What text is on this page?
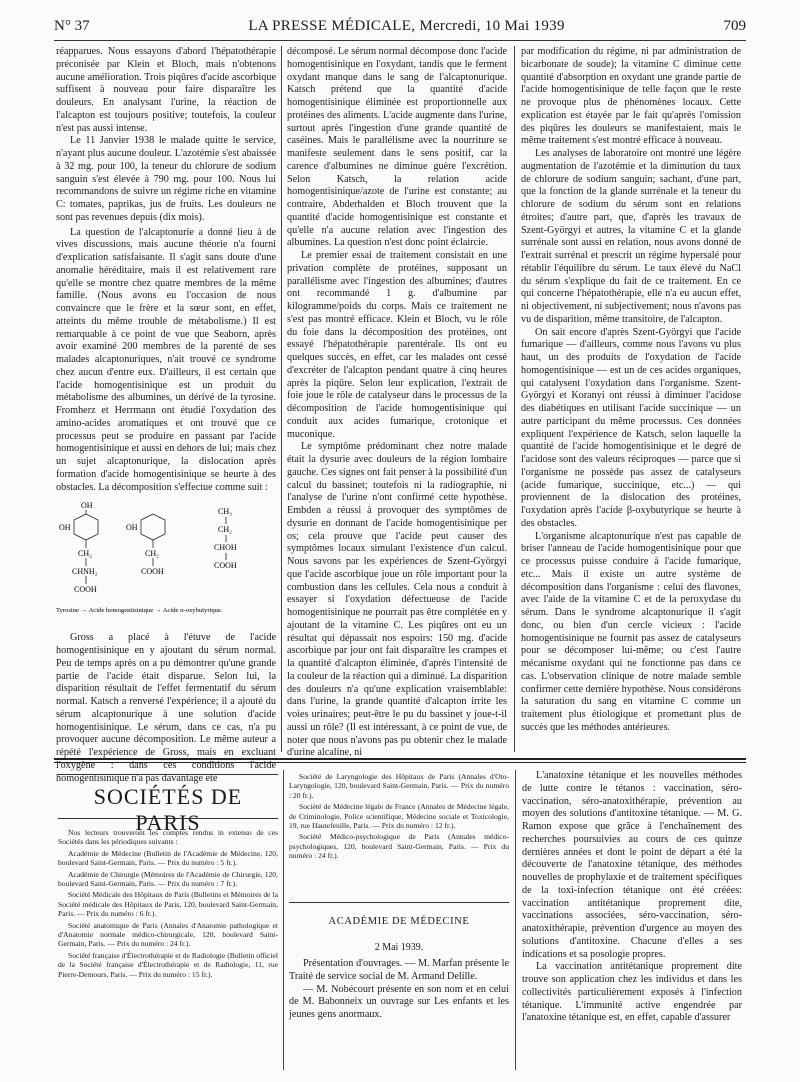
N° 37	LA PRESSE MÉDICALE, Mercredi, 10 Mai 1939	709

réapparues. Nous essayons d'abord l'hépatothérapie préconisée par Klein et Bloch, mais n'obtenons aucune amélioration. Trois piqûres d'acide ascorbique suffisent à nouveau pour faire disparaître les douleurs. En analysant l'urine, la réaction de l'alcapton est toujours positive; toutefois, la couleur n'est pas aussi intense.

Le 11 Janvier 1938 le malade quitte le service, n'ayant plus aucune douleur. L'azotémie s'est abaissée à 32 mg. pour 100, la teneur du chlorure de sodium sanguin s'est élevée à 790 mg. pour 100. Nous lui recommandons de suivre un régime riche en vitamine C: tomates, paprikas, jus de fruits. Les douleurs ne sont pas revenues depuis (dix mois).

La question de l'alcaptonurie a donné lieu à de vives discussions, mais aucune théorie n'a fourni d'explication satisfaisante. Il s'agit sans doute d'une anomalie héréditaire, mais il est relativement rare qu'elle se montre chez quatre membres de la même famille. (Nous avons eu l'occasion de nous convaincre que le frère et la sœur sont, en effet, atteints du même trouble de métabolisme.) Il est remarquable à ce point de vue que Seaborn, après avoir examiné 200 membres de la parenté de ses malades alcaptonuriques, n'ait trouvé ce syndrome chez aucun d'entre eux. D'ailleurs, il est certain que l'acide homogentisinique est un produit du métabolisme des albumines, un dérivé de la tyrosine. Fromherz et Herrmann ont étudié l'oxydation des amino-acides aromatiques et ont trouvé que ce processus peut se produire en passant par l'acide homogentisinique et aussi en dehors de lui; mais chez un sujet alcaptonurique, la dislocation après formation d'acide homogentisinique se heurte à des obstacles. La décomposition s'effectue comme suit :

OH
OH
CH₂
CHNH₂
COOH
OH
CH₂
COOH
CH₃
CH₂
CHOH
COOH
Tyrosine → Acide homogentisinique → Acide α-oxybutyrique.

Gross a placé à l'étuve de l'acide homogentisinique en y ajoutant du sérum normal. Peu de temps après on a pu démontrer qu'une grande partie de l'acide était disparue. Selon lui, la disparition résultait de l'effet fermentatif du sérum normal. Katsch a renversé l'expérience; il a ajouté du sérum alcaptonurique à une solution d'acide homogentisinique. Le sérum, dans ce cas, n'a pu provoquer aucune décomposition. Le même auteur a répété l'expérience de Gross, mais en excluant l'oxygène : dans ces conditions l'acide homogentisinique n'a pas davantage été

décomposé. Le sérum normal décompose donc l'acide homogentisinique en l'oxydant, tandis que le ferment oxydant manque dans le sang de l'alcaptonurique. Katsch prétend que la quantité d'acide homogentisinique éliminée est proportionnelle aux protéines des aliments. L'acide augmente dans l'urine, surtout après l'ingestion d'une grande quantité de caséines. Mais le parallélisme avec la nourriture se manifeste seulement dans le sens positif, car la carence d'albumines ne diminue guère l'excrétion. Selon Katsch, la relation acide homogentisinique/azote de l'urine est constante; au contraire, Abderhalden et Bloch trouvent que la quantité d'acide homogentisinique est constante et qu'elle n'a aucune relation avec l'ingestion des albumines. La question n'est donc point éclaircie.

Le premier essai de traitement consistait en une privation complète de protéines, supposant un parallélisme avec l'ingestion des albumines; d'autres ont recommandé 1 g. d'albumine par kilogramme/poids du corps. Mais ce traitement ne s'est pas montré efficace. Klein et Bloch, vu le rôle du foie dans la décomposition des protéines, ont essayé l'hépatothérapie parentérale. Ils ont eu quelques succès, en effet, car les malades ont cessé d'excréter de l'alcapton pendant quatre à cinq heures après la piqûre. Selon leur explication, l'extrait de foie joue le rôle de catalyseur dans le processus de la décomposition de l'acide homogentisinique qui conduit aux acides fumarique, crotonique et muconique.

Le symptôme prédominant chez notre malade était la dysurie avec douleurs de la région lombaire gauche. Ces signes ont fait penser à la possibilité d'un calcul du bassinet; toutefois ni la radiographie, ni l'analyse de l'urine n'ont confirmé cette hypothèse. Embden a réussi à provoquer des symptômes de dysurie en donnant de l'acide homogentisinique per os; cela prouve que l'acide peut causer des symptômes locaux simulant l'existence d'un calcul. Nous savons par les expériences de Szent-Györgyi que l'acide ascorbique joue un rôle important pour la combustion dans les cellules. Cela nous a conduit à essayer si l'oxydation défectueuse de l'acide homogentisinique ne pourrait pas être complétée en y ajoutant de la vitamine C. Les piqûres ont eu un résultat qui dépassait nos espoirs: 150 mg. d'acide ascorbique par jour ont fait disparaître les crampes et la quantité d'alcapton éliminée, d'après l'intensité de la couleur de la réaction qui a diminué. La disparition des douleurs n'a qu'une explication vraisemblable: dans l'urine, la grande quantité d'alcapton irrite les voies urinaires; peut-être le pu du bassinet y joue-t-il aussi un rôle? (Il est intéressant, à ce point de vue, de noter que nous n'avons pas pu obtenir chez le malade d'urine alcaline, ni

par modification du régime, ni par administration de bicarbonate de soude); la vitamine C diminue cette quantité d'absorption en oxydant une grande partie de l'acide homogentisinique de telle façon que le reste ne provoque plus de phénomènes locaux. Cette explication est étayée par le fait qu'après l'omission des piqûres les douleurs se manifestaient, mais le même traitement s'est montré efficace à nouveau.

Les analyses de laboratoire ont montré une légère augmentation de l'azotémie et la diminution du taux de chlorure de sodium sanguin; sachant, d'une part, que la fonction de la glande surrénale et la teneur du chlorure de sodium du sérum sont en relations étroites; d'autre part, que, d'après les travaux de Szent-Györgyi et autres, la vitamine C et la glande surrénale sont aussi en relation, nous avons donné de l'extrait surrénal et prescrit un régime hypersalé pour rétablir l'équilibre du sérum. Le taux élevé du NaCl du sérum s'explique du fait de ce traitement. En ce qui concerne l'hépatothérapie, elle n'a eu aucun effet, ni objectivement, ni subjectivement; nous n'avons pas vu de disparition, même transitoire, de l'alcapton.

On sait encore d'après Szent-Györgyi que l'acide fumarique — d'ailleurs, comme nous l'avons vu plus haut, un des produits de l'oxydation de l'acide homogentisinique — est un de ces acides organiques, qui catalysent l'oxydation dans l'organisme. Szent-Györgyi et Koranyi ont réussi à diminuer l'acidose des diabétiques en utilisant l'acide succinique — un autre participant du même processus. Ces données expliquent l'expérience de Katsch, selon laquelle la quantité de l'acide homogentisinique et le degré de l'acidose sont des valeurs réciproques — parce que si l'organisme ne possède pas assez de catalyseurs (acide fumarique, succinique, etc...) — qui proviennent de la dislocation des protéines, l'oxydation après l'acide β-oxybutyrique se heurte à des obstacles.

L'organisme alcaptonurique n'est pas capable de briser l'anneau de l'acide homogentisinique pour que ce processus puisse conduire à l'acide fumarique, etc... Mais il existe un autre système de décomposition dans l'organisme : celui des flavones, avec l'aide de la vitamine C et de la peroxydase du sérum. Dans le syndrome alcaptonurique il s'agit donc, ou bien d'un cercle vicieux : l'acide homogentisinique ne fournit pas assez de catalyseurs pour se décomposer lui-même; ou c'est l'autre mécanisme oxydant qui ne fonctionne pas dans ce cas. L'observation clinique de notre malade semble confirmer cette dernière hypothèse. Nous considérons la saturation du sang en vitamine C comme un traitement plus étiologique et promettant plus de succès que les méthodes antérieures.

SOCIÉTÉS DE PARIS

Nos lecteurs trouveront les comptes rendus in extenso de ces Sociétés dans les périodiques suivants :

Académie de Médecine (Bulletin de l'Académie de Médecine, 120, boulevard Saint-Germain, Paris. — Prix du numéro : 5 fr.).

Académie de Chirurgie (Mémoires de l'Académie de Chirurgie, 120, boulevard Saint-Germain, Paris. — Prix du numéro : 7 fr.).

Société Médicale des Hôpitaux de Paris (Bulletins et Mémoires de la Société médicale des Hôpitaux de Paris, 120, boulevard Saint-Germain, Paris. — Prix du numéro : 6 fr.).

Société anatomique de Paris (Annales d'Anatomie pathologique et d'Anatomie normale médico-chirurgicale, 120, boulevard Saint-Germain, Paris. — Prix du numéro : 24 fr.).

Société française d'Électrothérapie et de Radiologie (Bulletin officiel de la Société française d'Électrothérapie et de Radiologie, 11, rue Pierre-Demours, Paris. — Prix du numéro : 15 fr.).

Société de Laryngologie des Hôpitaux de Paris (Annales d'Oto-Laryngologie, 120, boulevard Saint-Germain, Paris. — Prix du numéro : 20 fr.).

Société de Médecine légale de France (Annales de Médecine légale, de Criminologie, Police scientifique, Médecine sociale et Toxicologie, 19, rue Hautefeuille, Paris. — Prix du numéro : 12 fr.).

Société Médico-psychologique de Paris (Annales médico-psychologiques, 120, boulevard Saint-Germain, Paris. — Prix du numéro : 24 fr.).

ACADÉMIE DE MÉDECINE
2 Mai 1939.

Présentation d'ouvrages. — M. Marfan présente le Traité de service social de M. Armand Delille.

— M. Nobécourt présente en son nom et en celui de M. Babonneix un ouvrage sur Les enfants et les jeunes gens anormaux.

L'anatoxine tétanique et les nouvelles méthodes de lutte contre le tétanos : vaccination, séro-vaccination, séro-anatoxithérapie, prévention au moyen des solutions d'antitoxine tétanique. — M. G. Ramon expose que grâce à l'enchaînement des recherches poursuivies au cours de ces quinze dernières années et dont le point de départ a été la découverte de l'anatoxine tétanique, des méthodes nouvelles de prophylaxie et de traitement spécifiques de la toxi-infection tétanique ont été créées: vaccination antitétanique proprement dite, vaccinations associées, séro-vaccination, séro-anatoxithérapie, prévention d'urgence au moyen des solutions d'antitoxine. Chacune d'elles a ses indications et sa posologie propres.

La vaccination antitétanique proprement dite trouve son application chez les individus et dans les collectivités particulièrement exposés à l'infection tétanique. L'immunité active engendrée par l'anatoxine tétanique est, en effet, capable d'assurer
